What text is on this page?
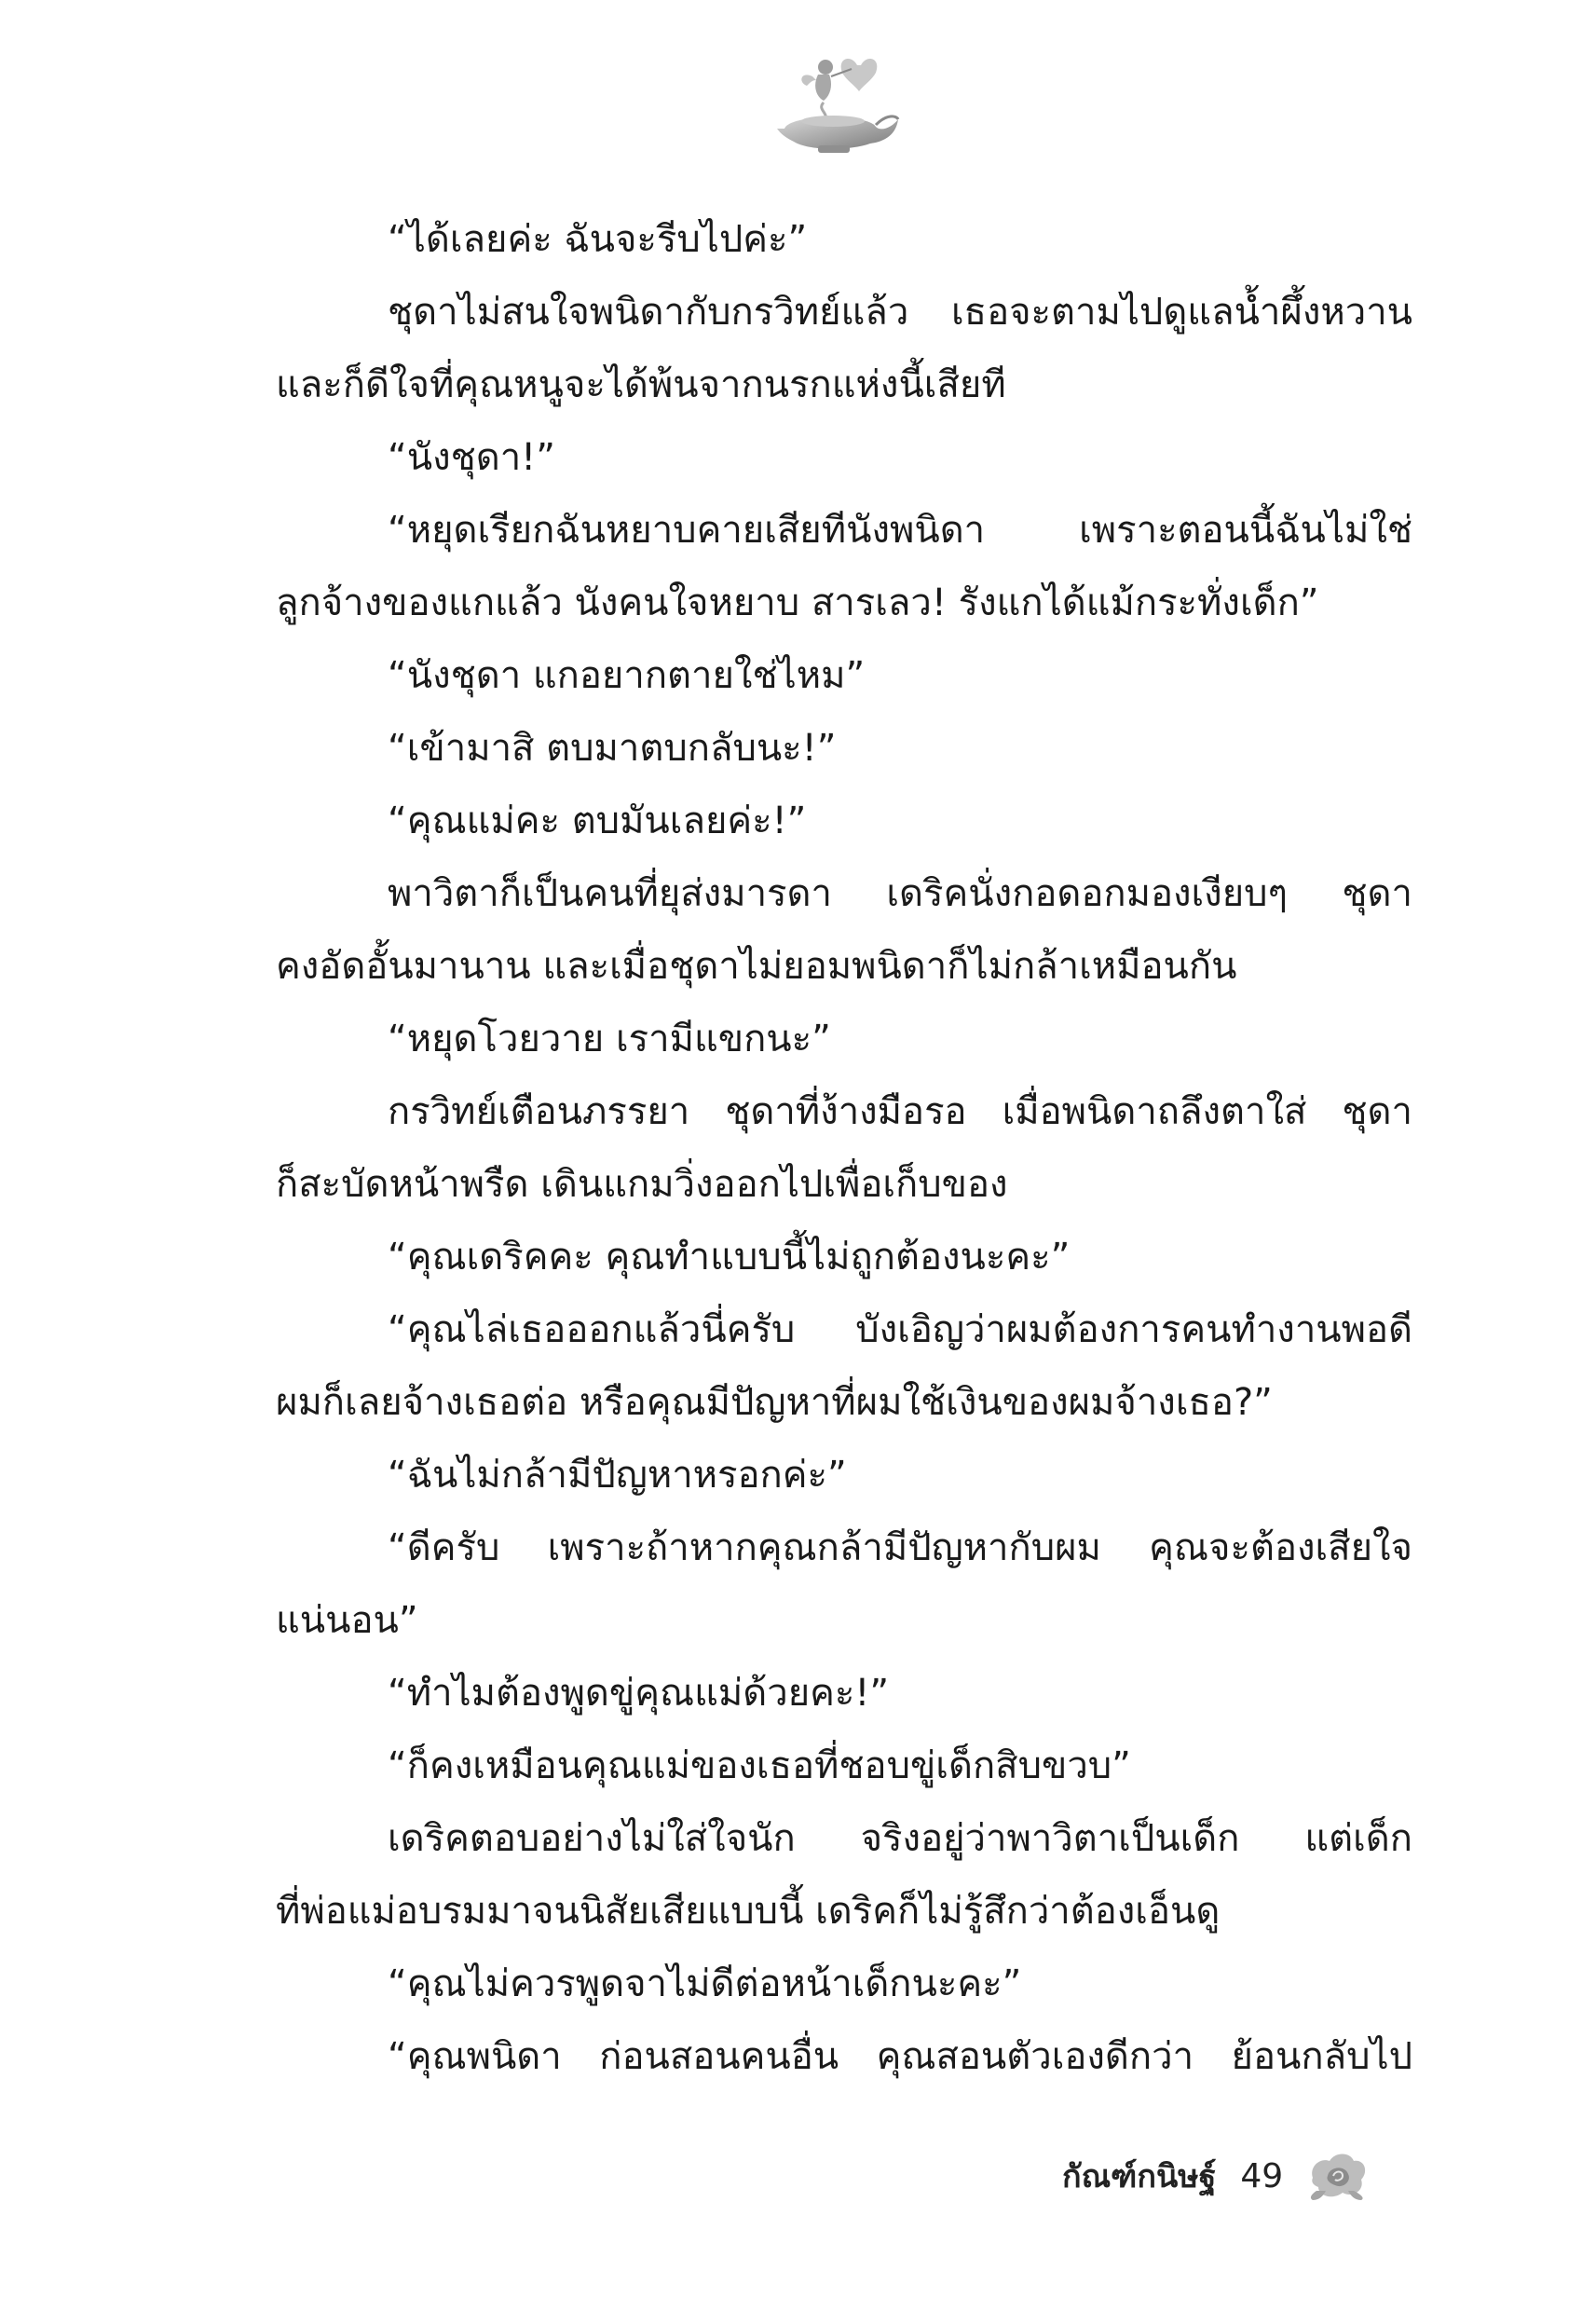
“ได้เลยค่ะ ฉันจะรีบไปค่ะ”
ชุดาไม่สนใจพนิดากับกรวิทย์แล้ว เธอจะตามไปดูแลน้ำผึ้งหวาน
และก็ดีใจที่คุณหนูจะได้พ้นจากนรกแห่งนี้เสียที
“นังชุดา!”
“หยุดเรียกฉันหยาบคายเสียทีนังพนิดา เพราะตอนนี้ฉันไม่ใช่
ลูกจ้างของแกแล้ว นังคนใจหยาบ สารเลว! รังแกได้แม้กระทั่งเด็ก”
“นังชุดา แกอยากตายใช่ไหม”
“เข้ามาสิ ตบมาตบกลับนะ!”
“คุณแม่คะ ตบมันเลยค่ะ!”
พาวิตาก็เป็นคนที่ยุส่งมารดา เดริคนั่งกอดอกมองเงียบๆ ชุดา
คงอัดอั้นมานาน และเมื่อชุดาไม่ยอมพนิดาก็ไม่กล้าเหมือนกัน
“หยุดโวยวาย เรามีแขกนะ”
กรวิทย์เตือนภรรยา ชุดาที่ง้างมือรอ เมื่อพนิดาถลึงตาใส่ ชุดา
ก็สะบัดหน้าพรืด เดินแกมวิ่งออกไปเพื่อเก็บของ
“คุณเดริคคะ คุณทำแบบนี้ไม่ถูกต้องนะคะ”
“คุณไล่เธอออกแล้วนี่ครับ บังเอิญว่าผมต้องการคนทำงานพอดี
ผมก็เลยจ้างเธอต่อ หรือคุณมีปัญหาที่ผมใช้เงินของผมจ้างเธอ?”
“ฉันไม่กล้ามีปัญหาหรอกค่ะ”
“ดีครับ เพราะถ้าหากคุณกล้ามีปัญหากับผม คุณจะต้องเสียใจ
แน่นอน”
“ทำไมต้องพูดขู่คุณแม่ด้วยคะ!”
“ก็คงเหมือนคุณแม่ของเธอที่ชอบขู่เด็กสิบขวบ”
เดริคตอบอย่างไม่ใส่ใจนัก จริงอยู่ว่าพาวิตาเป็นเด็ก แต่เด็ก
ที่พ่อแม่อบรมมาจนนิสัยเสียแบบนี้ เดริคก็ไม่รู้สึกว่าต้องเอ็นดู
“คุณไม่ควรพูดจาไม่ดีต่อหน้าเด็กนะคะ”
“คุณพนิดา ก่อนสอนคนอื่น คุณสอนตัวเองดีกว่า ย้อนกลับไป
กัณฑ์กนิษฐ์ 49
